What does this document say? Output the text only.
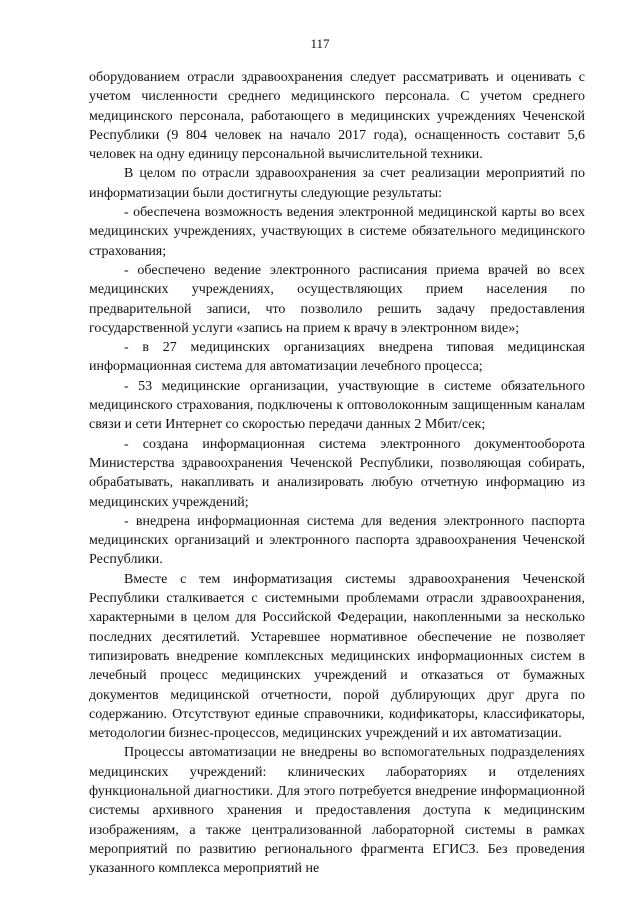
117

оборудованием отрасли здравоохранения следует рассматривать и оценивать с учетом численности среднего медицинского персонала. С учетом среднего медицинского персонала, работающего в медицинских учреждениях Чеченской Республики (9 804 человек на начало 2017 года), оснащенность составит 5,6 человек на одну единицу персональной вычислительной техники.

В целом по отрасли здравоохранения за счет реализации мероприятий по информатизации были достигнуты следующие результаты:

- обеспечена возможность ведения электронной медицинской карты во всех медицинских учреждениях, участвующих в системе обязательного медицинского страхования;

- обеспечено ведение электронного расписания приема врачей во всех медицинских учреждениях, осуществляющих прием населения по предварительной записи, что позволило решить задачу предоставления государственной услуги «запись на прием к врачу в электронном виде»;

- в 27 медицинских организациях внедрена типовая медицинская информационная система для автоматизации лечебного процесса;

- 53 медицинские организации, участвующие в системе обязательного медицинского страхования, подключены к оптоволоконным защищенным каналам связи и сети Интернет со скоростью передачи данных 2 Мбит/сек;

- создана информационная система электронного документооборота Министерства здравоохранения Чеченской Республики, позволяющая собирать, обрабатывать, накапливать и анализировать любую отчетную информацию из медицинских учреждений;

- внедрена информационная система для ведения электронного паспорта медицинских организаций и электронного паспорта здравоохранения Чеченской Республики.

Вместе с тем информатизация системы здравоохранения Чеченской Республики сталкивается с системными проблемами отрасли здравоохранения, характерными в целом для Российской Федерации, накопленными за несколько последних десятилетий. Устаревшее нормативное обеспечение не позволяет типизировать внедрение комплексных медицинских информационных систем в лечебный процесс медицинских учреждений и отказаться от бумажных документов медицинской отчетности, порой дублирующих друг друга по содержанию. Отсутствуют единые справочники, кодификаторы, классификаторы, методологии бизнес-процессов, медицинских учреждений и их автоматизации.

Процессы автоматизации не внедрены во вспомогательных подразделениях медицинских учреждений: клинических лабораториях и отделениях функциональной диагностики. Для этого потребуется внедрение информационной системы архивного хранения и предоставления доступа к медицинским изображениям, а также централизованной лабораторной системы в рамках мероприятий по развитию регионального фрагмента ЕГИСЗ. Без проведения указанного комплекса мероприятий не
